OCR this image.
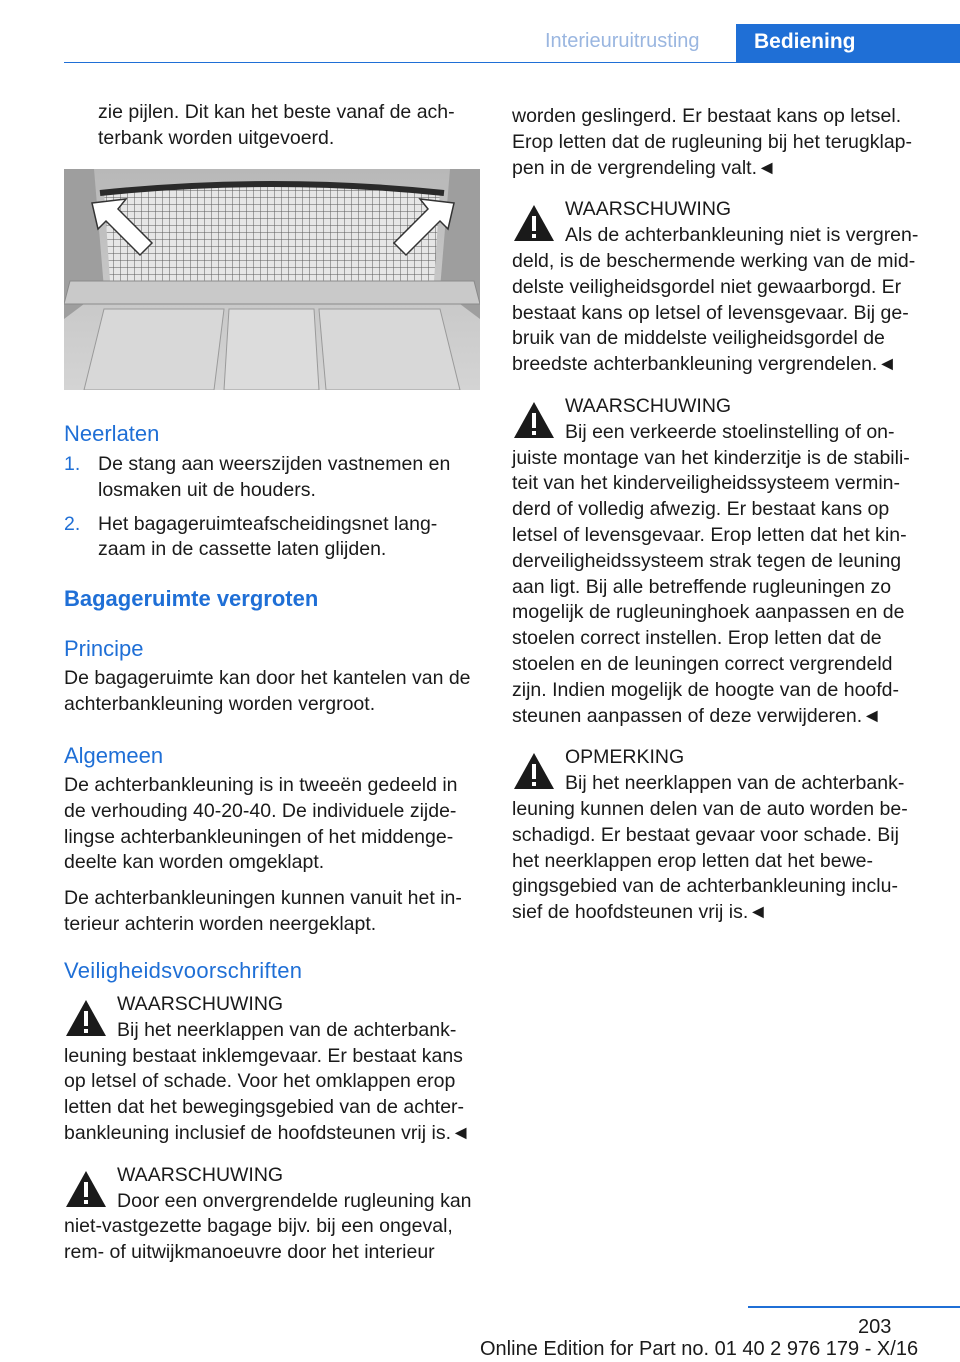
Interieuruitrusting	Bediening
zie pijlen. Dit kan het beste vanaf de ach-
terbank worden uitgevoerd.
Neerlaten
1. De stang aan weerszijden vastnemen en losmaken uit de houders.
2. Het bagageruimteafscheidingsnet lang-zaam in de cassette laten glijden.
Bagageruimte vergroten
Principe
De bagageruimte kan door het kantelen van de achterbankleuning worden vergroot.
Algemeen

De achterbankleuning is in tweeën gedeeld in de verhouding 40-20-40. De individuele zijde-lingse achterbankleuningen of het middenge-deelte kan worden omgeklapt.

De achterbankleuningen kunnen vanuit het in-terieur achterin worden neergeklapt.

Veiligheidsvoorschriften
WAARSCHUWING
Bij het neerklappen van de achterbank-leuning bestaat inklemgevaar. Er bestaat kans op letsel of schade. Voor het omklappen erop letten dat het bewegingsgebied van de achter-bankleuning inclusief de hoofdsteunen vrij is.◄
WAARSCHUWING
Door een onvergrendelde rugleuning kan niet-vastgezette bagage bijv. bij een ongeval, rem- of uitwijkmanoeuvre door het interieur

worden geslingerd. Er bestaat kans op letsel. Erop letten dat de rugleuning bij het terugklap-pen in de vergrendeling valt.◄

WAARSCHUWING
Als de achterbankleuning niet is vergren-deld, is de beschermende werking van de mid-delste veiligheidsgordel niet gewaarborgd. Er bestaat kans op letsel of levensgevaar. Bij ge-bruik van de middelste veiligheidsgordel de breedste achterbankleuning vergrendelen.◄
WAARSCHUWING
Bij een verkeerde stoelinstelling of on-juiste montage van het kinderzitje is de stabili-teit van het kinderveiligheidssysteem vermin-derd of volledig afwezig. Er bestaat kans op letsel of levensgevaar. Erop letten dat het kin-derveiligheidssysteem strak tegen de leuning aan ligt. Bij alle betreffende rugleuningen zo mogelijk de rugleuninghoek aanpassen en de stoelen correct instellen. Erop letten dat de stoelen en de leuningen correct vergrendeld zijn. Indien mogelijk de hoogte van de hoofd-steunen aanpassen of deze verwijderen.◄
OPMERKING
Bij het neerklappen van de achterbank-leuning kunnen delen van de auto worden be-schadigd. Er bestaat gevaar voor schade. Bij het neerklappen erop letten dat het bewe-gingsgebied van de achterbankleuning inclu-sief de hoofdsteunen vrij is.◄
203
Online Edition for Part no. 01 40 2 976 179 - X/16
